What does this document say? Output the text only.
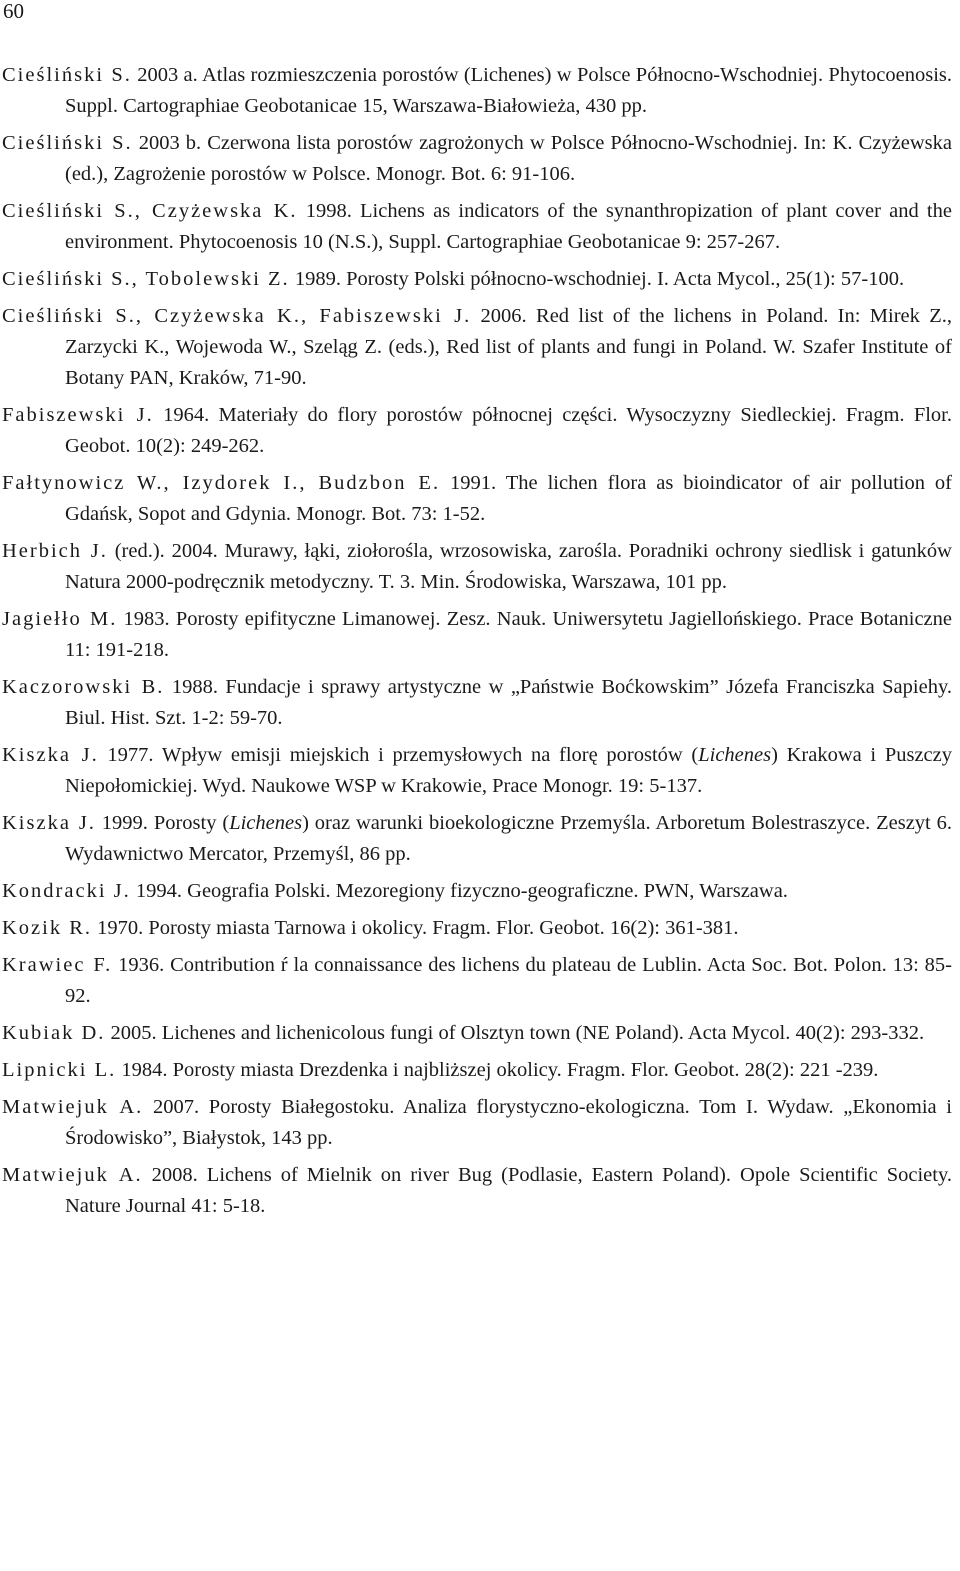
60

Cieśliński S. 2003 a. Atlas rozmieszczenia porostów (Lichenes) w Polsce Północno-Wschodniej. Phytocoenosis. Suppl. Cartographiae Geobotanicae 15, Warszawa-Białowieża, 430 pp.

Cieśliński S. 2003 b. Czerwona lista porostów zagrożonych w Polsce Północno-Wschodniej. In: K. Czyżewska (ed.), Zagrożenie porostów w Polsce. Monogr. Bot. 6: 91-106.

Cieśliński S., Czyżewska K. 1998. Lichens as indicators of the synanthropization of plant cover and the environment. Phytocoenosis 10 (N.S.), Suppl. Cartographiae Geobotanicae 9: 257-267.

Cieśliński S., Tobolewski Z. 1989. Porosty Polski północno-wschodniej. I. Acta Mycol., 25(1): 57-100.

Cieśliński S., Czyżewska K., Fabiszewski J. 2006. Red list of the lichens in Poland. In: Mirek Z., Zarzycki K., Wojewoda W., Szeląg Z. (eds.), Red list of plants and fungi in Poland. W. Szafer Institute of Botany PAN, Kraków, 71-90.

Fabiszewski J. 1964. Materiały do flory porostów północnej części. Wysoczyzny Siedleckiej. Fragm. Flor. Geobot. 10(2): 249-262.

Fałtynowicz W., Izydorek I., Budzbon E. 1991. The lichen flora as bioindicator of air pollution of Gdańsk, Sopot and Gdynia. Monogr. Bot. 73: 1-52.

Herbich J. (red.). 2004. Murawy, łąki, ziołorośla, wrzosowiska, zarośla. Poradniki ochrony siedlisk i gatunków Natura 2000-podręcznik metodyczny. T. 3. Min. Środowiska, Warszawa, 101 pp.

Jagiełło M. 1983. Porosty epifityczne Limanowej. Zesz. Nauk. Uniwersytetu Jagiellońskiego. Prace Botaniczne 11: 191-218.

Kaczorowski B. 1988. Fundacje i sprawy artystyczne w „Państwie Boćkowskim” Józefa Franciszka Sapiehy. Biul. Hist. Szt. 1-2: 59-70.

Kiszka J. 1977. Wpływ emisji miejskich i przemysłowych na florę porostów (Lichenes) Krakowa i Puszczy Niepołomickiej. Wyd. Naukowe WSP w Krakowie, Prace Monogr. 19: 5-137.

Kiszka J. 1999. Porosty (Lichenes) oraz warunki bioekologiczne Przemyśla. Arboretum Bolestraszyce. Zeszyt 6. Wydawnictwo Mercator, Przemyśl, 86 pp.

Kondracki J. 1994. Geografia Polski. Mezoregiony fizyczno-geograficzne. PWN, Warszawa.

Kozik R. 1970. Porosty miasta Tarnowa i okolicy. Fragm. Flor. Geobot. 16(2): 361-381.

Krawiec F. 1936. Contribution ŕ la connaissance des lichens du plateau de Lublin. Acta Soc. Bot. Polon. 13: 85-92.

Kubiak D. 2005. Lichenes and lichenicolous fungi of Olsztyn town (NE Poland). Acta Mycol. 40(2): 293-332.

Lipnicki L. 1984. Porosty miasta Drezdenka i najbliższej okolicy. Fragm. Flor. Geobot. 28(2): 221 -239.

Matwiejuk A. 2007. Porosty Białegostoku. Analiza florystyczno-ekologiczna. Tom I. Wydaw. „Ekonomia i Środowisko”, Białystok, 143 pp.

Matwiejuk A. 2008. Lichens of Mielnik on river Bug (Podlasie, Eastern Poland). Opole Scientific Society. Nature Journal 41: 5-18.
